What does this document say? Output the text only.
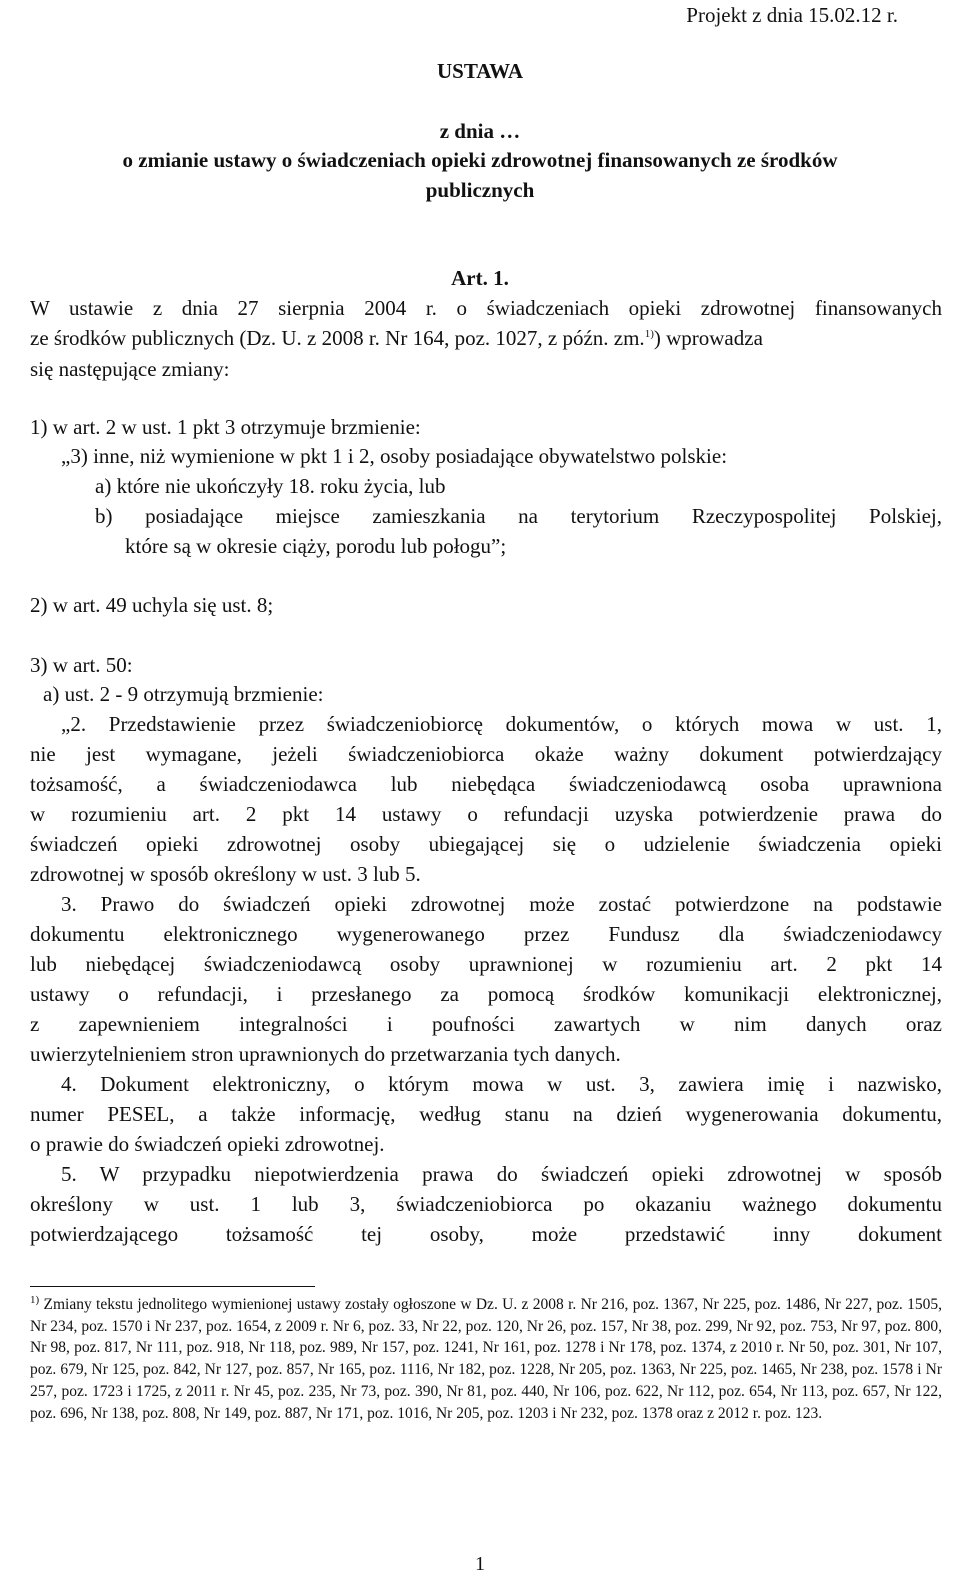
Projekt z dnia 15.02.12 r.
USTAWA
z dnia …
o zmianie ustawy o świadczeniach opieki zdrowotnej finansowanych ze środków
publicznych
Art. 1.
W ustawie z dnia 27 sierpnia 2004 r. o świadczeniach opieki zdrowotnej finansowanych
ze środków publicznych (Dz. U. z 2008 r. Nr 164, poz. 1027, z późn. zm.$^{1)}$) wprowadza
się następujące zmiany:
1) w art. 2 w ust. 1 pkt 3 otrzymuje brzmienie:
„3) inne, niż wymienione w pkt 1 i 2, osoby posiadające obywatelstwo polskie:
a) które nie ukończyły 18. roku życia, lub
b) posiadające miejsce zamieszkania na terytorium Rzeczypospolitej Polskiej,
które są w okresie ciąży, porodu lub połogu”;
2) w art. 49 uchyla się ust. 8;
3) w art. 50:
a) ust. 2 - 9 otrzymują brzmienie:
„2. Przedstawienie przez świadczeniobiorcę dokumentów, o których mowa w ust. 1,
nie jest wymagane, jeżeli świadczeniobiorca okaże ważny dokument potwierdzający
tożsamość, a świadczeniodawca lub niebędąca świadczeniodawcą osoba uprawniona
w rozumieniu art. 2 pkt 14 ustawy o refundacji uzyska potwierdzenie prawa do
świadczeń opieki zdrowotnej osoby ubiegającej się o udzielenie świadczenia opieki
zdrowotnej w sposób określony w ust. 3 lub 5.
3. Prawo do świadczeń opieki zdrowotnej może zostać potwierdzone na podstawie
dokumentu elektronicznego wygenerowanego przez Fundusz dla świadczeniodawcy
lub niebędącej świadczeniodawcą osoby uprawnionej w rozumieniu art. 2 pkt 14
ustawy o refundacji, i przesłanego za pomocą środków komunikacji elektronicznej,
z zapewnieniem integralności i poufności zawartych w nim danych oraz
uwierzytelnieniem stron uprawnionych do przetwarzania tych danych.
4. Dokument elektroniczny, o którym mowa w ust. 3, zawiera imię i nazwisko,
numer PESEL, a także informację, według stanu na dzień wygenerowania dokumentu,
o prawie do świadczeń opieki zdrowotnej.
5. W przypadku niepotwierdzenia prawa do świadczeń opieki zdrowotnej w sposób
określony w ust. 1 lub 3, świadczeniobiorca po okazaniu ważnego dokumentu
potwierdzającego tożsamość tej osoby, może przedstawić inny dokument
$^{1)}$ Zmiany tekstu jednolitego wymienionej ustawy zostały ogłoszone w Dz. U. z 2008 r. Nr 216, poz. 1367, Nr 225, poz. 1486, Nr 227, poz. 1505, Nr 234, poz. 1570 i Nr 237, poz. 1654, z 2009 r. Nr 6, poz. 33, Nr 22, poz. 120, Nr 26, poz. 157, Nr 38, poz. 299, Nr 92, poz. 753, Nr 97, poz. 800, Nr 98, poz. 817, Nr 111, poz. 918, Nr 118, poz. 989, Nr 157, poz. 1241, Nr 161, poz. 1278 i Nr 178, poz. 1374, z 2010 r. Nr 50, poz. 301, Nr 107, poz. 679, Nr 125, poz. 842, Nr 127, poz. 857, Nr 165, poz. 1116, Nr 182, poz. 1228, Nr 205, poz. 1363, Nr 225, poz. 1465, Nr 238, poz. 1578 i Nr 257, poz. 1723 i 1725, z 2011 r. Nr 45, poz. 235, Nr 73, poz. 390, Nr 81, poz. 440, Nr 106, poz. 622, Nr 112, poz. 654, Nr 113, poz. 657, Nr 122, poz. 696, Nr 138, poz. 808, Nr 149, poz. 887, Nr 171, poz. 1016, Nr 205, poz. 1203 i Nr 232, poz. 1378 oraz z 2012 r. poz. 123.
1
